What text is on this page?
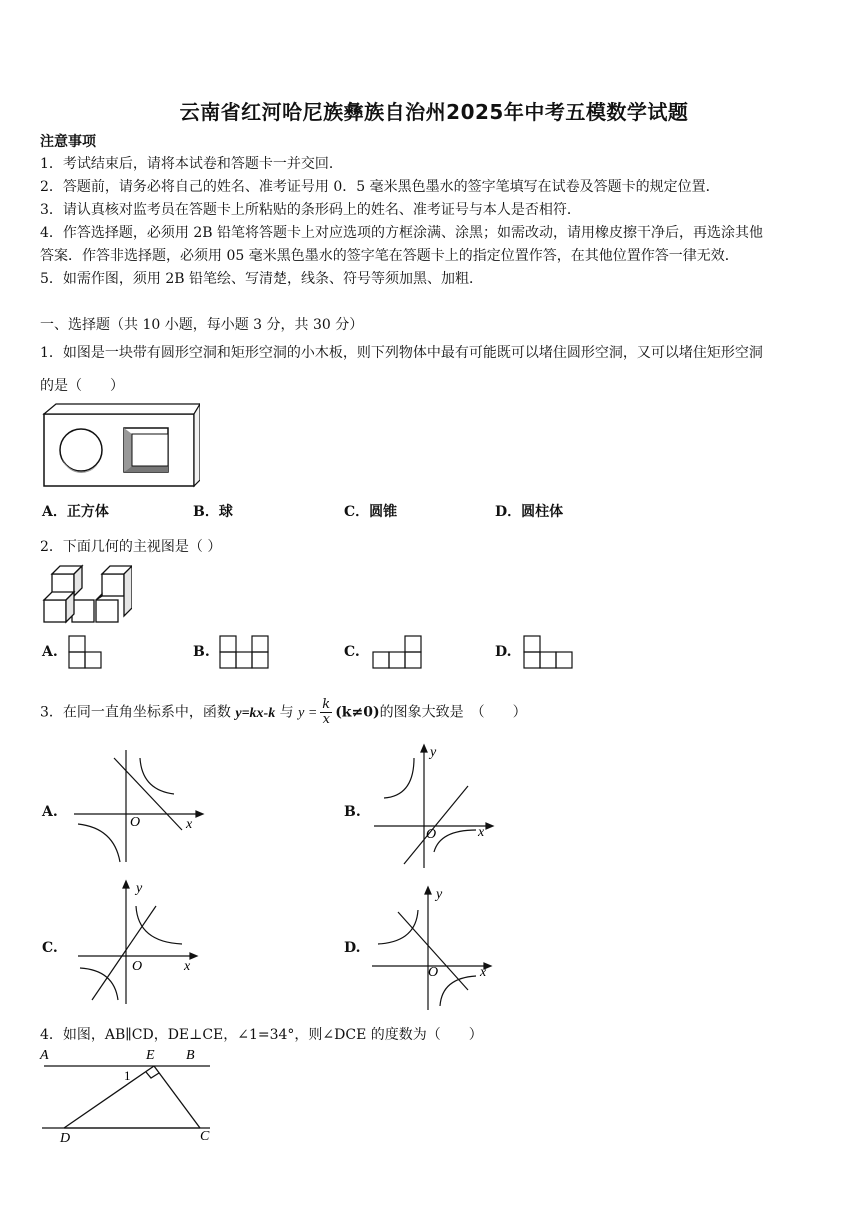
云南省红河哈尼族彝族自治州2025年中考五模数学试题
注意事项
1．考试结束后，请将本试卷和答题卡一并交回．
2．答题前，请务必将自己的姓名、准考证号用 0．5 毫米黑色墨水的签字笔填写在试卷及答题卡的规定位置．
3．请认真核对监考员在答题卡上所粘贴的条形码上的姓名、准考证号与本人是否相符．
4．作答选择题，必须用 2B 铅笔将答题卡上对应选项的方框涂满、涂黑；如需改动，请用橡皮擦干净后，再选涂其他
答案．作答非选择题，必须用 05 毫米黑色墨水的签字笔在答题卡上的指定位置作答，在其他位置作答一律无效．
5．如需作图，须用 2B 铅笔绘、写清楚，线条、符号等须加黑、加粗．
一、选择题（共 10 小题，每小题 3 分，共 30 分）
1．如图是一块带有圆形空洞和矩形空洞的小木板，则下列物体中最有可能既可以堵住圆形空洞，又可以堵住矩形空洞
的是（　　）
A．正方体	B．球	C．圆锥	D．圆柱体
2．下面几何的主视图是（ ）
A.	B.	C.	D.
3．在同一直角坐标系中，函数 y=kx-k 与 $y = \frac{k}{x} (k\ne 0)$的图象大致是　（　　）
A.
O	x
B.
y
O	x
C.
y
O	x
D.
y
O	x
4．如图，AB∥CD，DE⊥CE，∠1=34°，则∠DCE 的度数为（　　）
A	E B
1
D	C
